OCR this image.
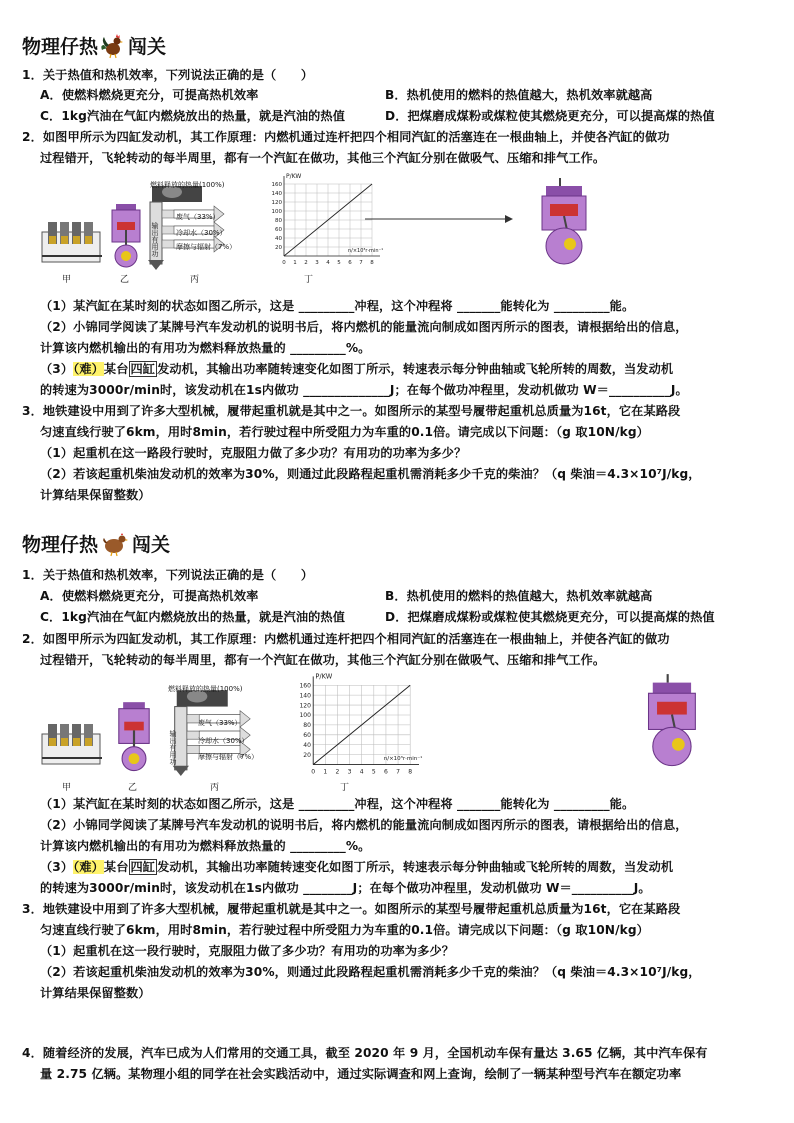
物理仔热 闯关
1．关于热值和热机效率，下列说法正确的是（　　）
A．使燃料燃烧更充分，可提高热机效率	B．热机使用的燃料的热值越大，热机效率就越高
C．1kg汽油在气缸内燃烧放出的热量，就是汽油的热值	D．把煤磨成煤粉或煤粒使其燃烧更充分，可以提高煤的热值
2．如图甲所示为四缸发动机，其工作原理：内燃机通过连杆把四个相同汽缸的活塞连在一根曲轴上，并使各汽缸的做功
过程错开，飞轮转动的每半周里，都有一个汽缸在做功，其他三个汽缸分别在做吸气、压缩和排气工作。
甲	乙
燃料释放的热量(100%)
废气（33%）
冷却水（30%）
摩擦与辐射（7%）
输出有用功
丙
0 1 2 3 4 5 6 7 8
20
40
60
80
100
120
140
160
P/KW
n/×10³r·min⁻¹
丁
（1）某汽缸在某时刻的状态如图乙所示，这是 _________冲程，这个冲程将 _______能转化为 _________能。
（2）小锦同学阅读了某牌号汽车发动机的说明书后，将内燃机的能量流向制成如图丙所示的图表，请根据给出的信息，
计算该内燃机输出的有用功为燃料释放热量的 _________%。
（3）（难）某台 四缸 发动机，其输出功率随转速变化如图丁所示，转速表示每分钟曲轴或飞轮所转的周数，当发动机
的转速为3000r/min时，该发动机在1s内做功 ______________J；在每个做功冲程里，发动机做功 W＝__________J。
3．地铁建设中用到了许多大型机械，履带起重机就是其中之一。如图所示的某型号履带起重机总质量为16t，它在某路段
匀速直线行驶了6km，用时8min，若行驶过程中所受阻力为车重的0.1倍。请完成以下问题：（g 取10N/kg）
（1）起重机在这一路段行驶时，克服阻力做了多少功？有用功的功率为多少？
（2）若该起重机柴油发动机的效率为30%，则通过此段路程起重机需消耗多少千克的柴油？（q 柴油＝4.3×10⁷J/kg，
计算结果保留整数）
物理仔热 闯关
1．关于热值和热机效率，下列说法正确的是（　　）
A．使燃料燃烧更充分，可提高热机效率	B．热机使用的燃料的热值越大，热机效率就越高
C．1kg汽油在气缸内燃烧放出的热量，就是汽油的热值	D．把煤磨成煤粉或煤粒使其燃烧更充分，可以提高煤的热值
2．如图甲所示为四缸发动机，其工作原理：内燃机通过连杆把四个相同汽缸的活塞连在一根曲轴上，并使各汽缸的做功
过程错开，飞轮转动的每半周里，都有一个汽缸在做功，其他三个汽缸分别在做吸气、压缩和排气工作。
甲	乙
燃料释放的热量(100%)
废气（33%）
冷却水（30%）
摩擦与辐射（7%）
输出有用功
丙
0 1 2 3 4 5 6 7 8
20
40
60
80
100
120
140
160
P/KW
n/×10³r·min⁻¹
丁
（1）某汽缸在某时刻的状态如图乙所示，这是 _________冲程，这个冲程将 _______能转化为 _________能。
（2）小锦同学阅读了某牌号汽车发动机的说明书后，将内燃机的能量流向制成如图丙所示的图表，请根据给出的信息，
计算该内燃机输出的有用功为燃料释放热量的 _________%。
（3）（难）某台 四缸 发动机，其输出功率随转速变化如图丁所示，转速表示每分钟曲轴或飞轮所转的周数，当发动机
的转速为3000r/min时，该发动机在1s内做功 ________J；在每个做功冲程里，发动机做功 W＝__________J。
3．地铁建设中用到了许多大型机械，履带起重机就是其中之一。如图所示的某型号履带起重机总质量为16t，它在某路段
匀速直线行驶了6km，用时8min，若行驶过程中所受阻力为车重的0.1倍。请完成以下问题：（g 取10N/kg）
（1）起重机在这一段行驶时，克服阻力做了多少功？有用功的功率为多少？
（2）若该起重机柴油发动机的效率为30%，则通过此段路程起重机需消耗多少千克的柴油？（q 柴油＝4.3×10⁷J/kg，
计算结果保留整数）
4．随着经济的发展，汽车已成为人们常用的交通工具，截至 2020 年 9 月，全国机动车保有量达 3.65 亿辆，其中汽车保有
量 2.75 亿辆。某物理小组的同学在社会实践活动中，通过实际调查和网上查询，绘制了一辆某种型号汽车在额定功率
